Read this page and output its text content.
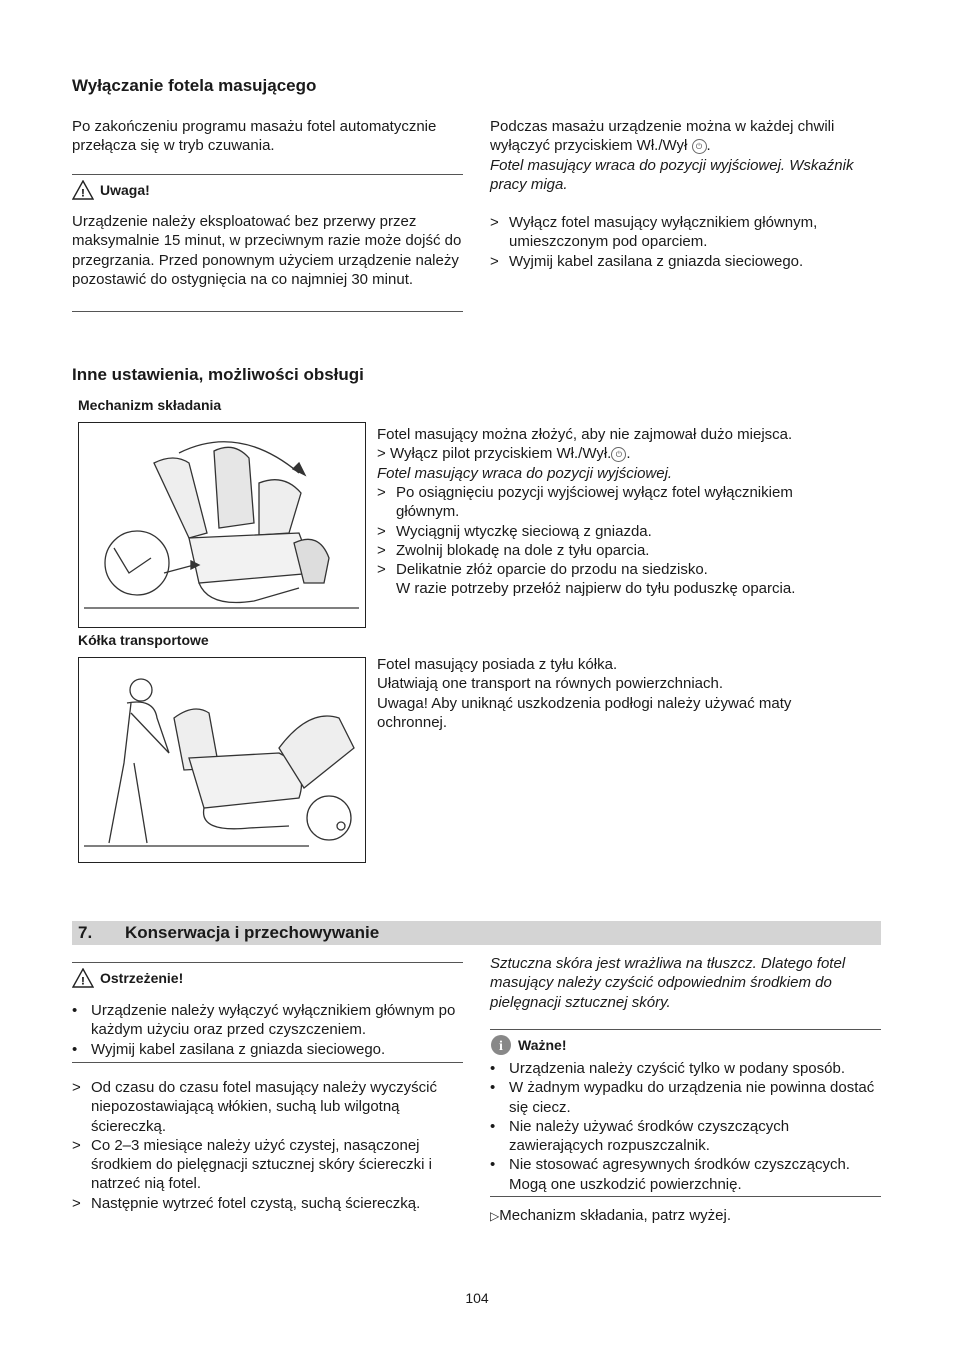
Wyłączanie fotela masującego
Po zakończeniu programu masażu fotel automatycznie przełącza się w tryb czuwania.
! Uwaga!
Urządzenie należy eksploatować bez przerwy przez maksymalnie 15 minut, w przeciwnym razie może dojść do przegrzania. Przed ponownym użyciem urządzenie należy pozostawić do ostygnięcia na co najmniej 30 minut.

Podczas masażu urządzenie można w każdej chwili wyłączyć przyciskiem Wł./Wył ⏻ .

Fotel masujący wraca do pozycji wyjściowej. Wskaźnik pracy miga.

> Wyłącz fotel masujący wyłącznikiem głównym, umieszczonym pod oparciem.
> Wyjmij kabel zasilana z gniazda sieciowego.
Inne ustawienia, możliwości obsługi
Mechanizm składania

Fotel masujący można złożyć, aby nie zajmował dużo miejsca.

> Wyłącz pilot przyciskiem Wł./Wył. ⏻ .

Fotel masujący wraca do pozycji wyjściowej.

> Po osiągnięciu pozycji wyjściowej wyłącz fotel wyłącznikiem głównym.
> Wyciągnij wtyczkę sieciową z gniazda.
> Zwolnij blokadę na dole z tyłu oparcia.
> Delikatnie złóż oparcie do przodu na siedzisko.
W razie potrzeby przełóż najpierw do tyłu poduszkę oparcia.
Kółka transportowe

Fotel masujący posiada z tyłu kółka.

Ułatwiają one transport na równych powierzchniach.

Uwaga! Aby uniknąć uszkodzenia podłogi należy używać maty ochronnej.

7. Konserwacja i przechowywanie
! Ostrzeżenie!
• Urządzenie należy wyłączyć wyłącznikiem głównym po każdym użyciu oraz przed czyszczeniem.
• Wyjmij kabel zasilana z gniazda sieciowego.
> Od czasu do czasu fotel masujący należy wyczyścić niepozostawiającą włókien, suchą lub wilgotną ściereczką.
> Co 2–3 miesiące należy użyć czystej, nasączonej środkiem do pielęgnacji sztucznej skóry ściereczki i natrzeć nią fotel.
> Następnie wytrzeć fotel czystą, suchą ściereczką.
Sztuczna skóra jest wrażliwa na tłuszcz. Dlatego fotel masujący należy czyścić odpowiednim środkiem do pielęgnacji sztucznej skóry.
i Ważne!
• Urządzenia należy czyścić tylko w podany sposób.
• W żadnym wypadku do urządzenia nie powinna dostać się ciecz.
• Nie należy używać środków czyszczących zawierających rozpuszczalnik.
• Nie stosować agresywnych środków czyszczących. Mogą one uszkodzić powierzchnię.
▷Mechanizm składania, patrz wyżej.
104
